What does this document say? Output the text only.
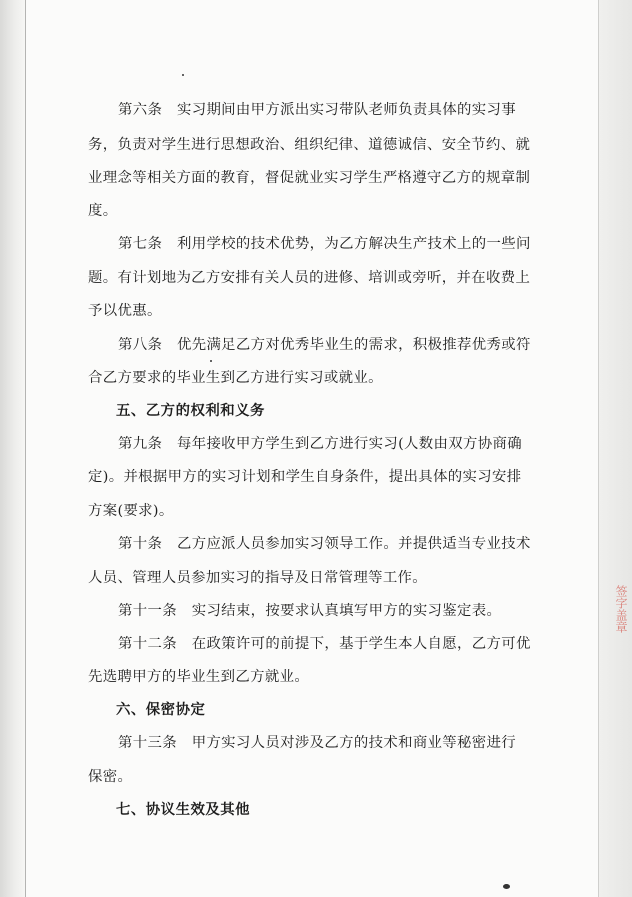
签字盖章
第六条　实习期间由甲方派出实习带队老师负责具体的实习事
务，负责对学生进行思想政治、组织纪律、道德诚信、安全节约、就
业理念等相关方面的教育，督促就业实习学生严格遵守乙方的规章制
度。
第七条　利用学校的技术优势，为乙方解决生产技术上的一些问
题。有计划地为乙方安排有关人员的进修、培训或旁听，并在收费上
予以优惠。
第八条　优先满足乙方对优秀毕业生的需求，积极推荐优秀或符
合乙方要求的毕业生到乙方进行实习或就业。
五、乙方的权利和义务
第九条　每年接收甲方学生到乙方进行实习(人数由双方协商确
定)。并根据甲方的实习计划和学生自身条件，提出具体的实习安排
方案(要求)。
第十条　乙方应派人员参加实习领导工作。并提供适当专业技术
人员、管理人员参加实习的指导及日常管理等工作。
第十一条　实习结束，按要求认真填写甲方的实习鉴定表。
第十二条　在政策许可的前提下，基于学生本人自愿，乙方可优
先选聘甲方的毕业生到乙方就业。
六、保密协定
第十三条　甲方实习人员对涉及乙方的技术和商业等秘密进行
保密。
七、协议生效及其他
